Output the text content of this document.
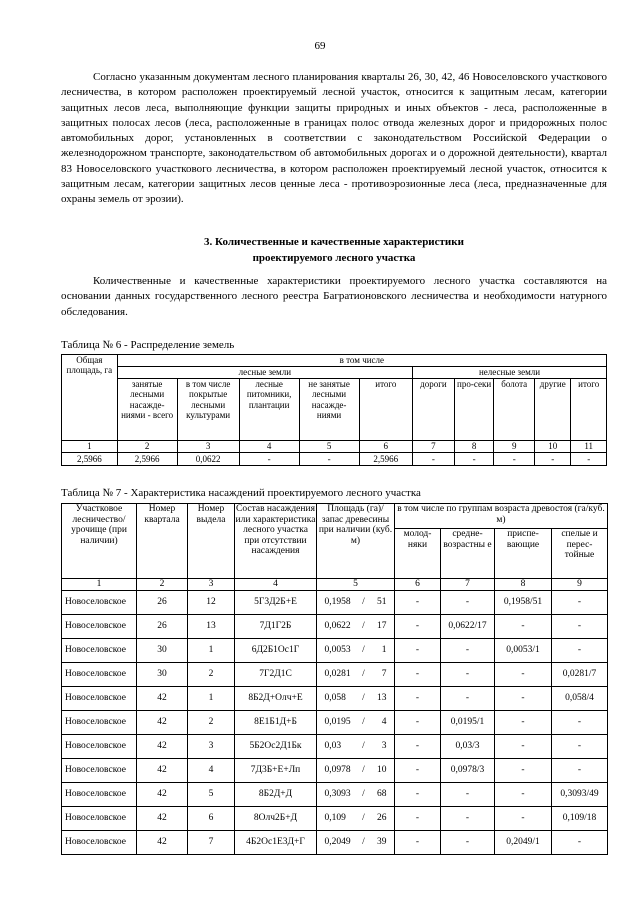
69

Согласно указанным документам лесного планирования кварталы 26, 30, 42, 46 Новоселовского участкового лесничества, в котором расположен проектируемый лесной участок, относится к защитным лесам, категории защитных лесов леса, выполняющие функции защиты природных и иных объектов - леса, расположенные в защитных полосах лесов (леса, расположенные в границах полос отвода железных дорог и придорожных полос автомобильных дорог, установленных в соответствии с законодательством Российской Федерации о железнодорожном транспорте, законодательством об автомобильных дорогах и о дорожной деятельности), квартал 83 Новоселовского участкового лесничества, в котором расположен проектируемый лесной участок, относится к защитным лесам, категории защитных лесов ценные леса - противоэрозионные леса (леса, предназначенные для охраны земель от эрозии).

3. Количественные и качественные характеристики
проектируемого лесного участка

Количественные и качественные характеристики проектируемого лесного участка составляются на основании данных государственного лесного реестра Багратионовского лесничества и необходимости натурного обследования.

Таблица № 6 - Распределение земель
Общая площадь, га	в том числе									
	лесные земли					нелесные земли				
	занятые лесными насажде-ниями - всего	в том числе покрытые лесными культурами	лесные питомники, плантации	не занятые лесными насажде-ниями	итого	дороги	про-секи	болота	другие	итого
1	2	3	4	5	6	7	8	9	10	11
2,5966	2,5966	0,0622	-	-	2,5966	-	-	-	-	-
Таблица № 7 - Характеристика насаждений проектируемого лесного участка
Участковое лесничество/ урочище (при наличии)	Номер квартала	Номер выдела	Состав насаждения или характеристика лесного участка при отсутствии насаждения	Площадь (га)/ запас древесины при наличии (куб. м)	в том числе по группам возраста древостоя (га/куб. м)			
					молод-няки	средне-возрастны е	приспе-вающие	спелые и перес-тойные
1	2	3	4	5	6	7	8	9
Новоселовское	26	12	5Г3Д2Б+Е	0,1958 / 51	-	-	0,1958/51	-
Новоселовское	26	13	7Д1Г2Б	0,0622 / 17	-	0,0622/17	-	-
Новоселовское	30	1	6Д2Б1Ос1Г	0,0053 / 1	-	-	0,0053/1	-
Новоселовское	30	2	7Г2Д1С	0,0281 / 7	-	-	-	0,0281/7
Новоселовское	42	1	8Б2Д+Олч+Е	0,058 / 13	-	-	-	0,058/4
Новоселовское	42	2	8Е1Б1Д+Б	0,0195 / 4	-	0,0195/1	-	-
Новоселовское	42	3	5Б2Ос2Д1Бк	0,03 / 3	-	0,03/3	-	-
Новоселовское	42	4	7Д3Б+Е+Лп	0,0978 / 10	-	0,0978/3	-	-
Новоселовское	42	5	8Б2Д+Д	0,3093 / 68	-	-	-	0,3093/49
Новоселовское	42	6	8Олч2Б+Д	0,109 / 26	-	-	-	0,109/18
Новоселовское	42	7	4Б2Ос1Е3Д+Г	0,2049 / 39	-	-	0,2049/1	-
